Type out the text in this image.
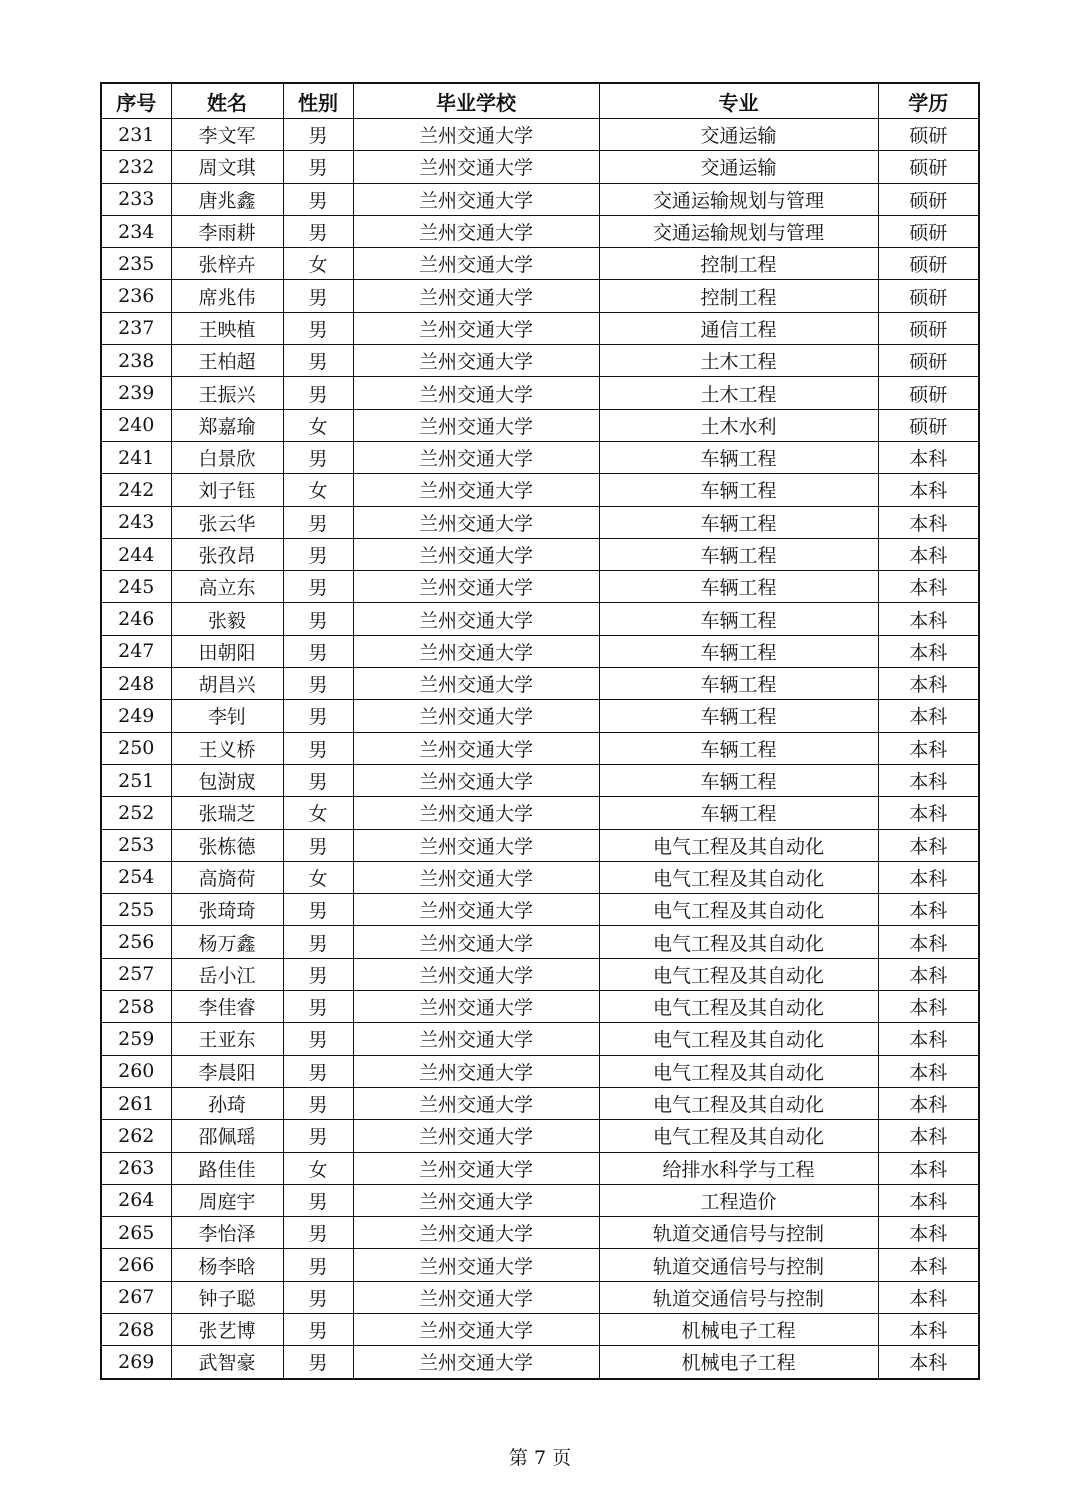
序号	姓名	性别	毕业学校	专业	学历
231	李文军	男	兰州交通大学	交通运输	硕研
232	周文琪	男	兰州交通大学	交通运输	硕研
233	唐兆鑫	男	兰州交通大学	交通运输规划与管理	硕研
234	李雨耕	男	兰州交通大学	交通运输规划与管理	硕研
235	张梓卉	女	兰州交通大学	控制工程	硕研
236	席兆伟	男	兰州交通大学	控制工程	硕研
237	王映植	男	兰州交通大学	通信工程	硕研
238	王柏超	男	兰州交通大学	土木工程	硕研
239	王振兴	男	兰州交通大学	土木工程	硕研
240	郑嘉瑜	女	兰州交通大学	土木水利	硕研
241	白景欣	男	兰州交通大学	车辆工程	本科
242	刘子钰	女	兰州交通大学	车辆工程	本科
243	张云华	男	兰州交通大学	车辆工程	本科
244	张孜昂	男	兰州交通大学	车辆工程	本科
245	高立东	男	兰州交通大学	车辆工程	本科
246	张毅	男	兰州交通大学	车辆工程	本科
247	田朝阳	男	兰州交通大学	车辆工程	本科
248	胡昌兴	男	兰州交通大学	车辆工程	本科
249	李钊	男	兰州交通大学	车辆工程	本科
250	王义桥	男	兰州交通大学	车辆工程	本科
251	包澍宬	男	兰州交通大学	车辆工程	本科
252	张瑞芝	女	兰州交通大学	车辆工程	本科
253	张栋德	男	兰州交通大学	电气工程及其自动化	本科
254	高旖荷	女	兰州交通大学	电气工程及其自动化	本科
255	张琦琦	男	兰州交通大学	电气工程及其自动化	本科
256	杨万鑫	男	兰州交通大学	电气工程及其自动化	本科
257	岳小江	男	兰州交通大学	电气工程及其自动化	本科
258	李佳睿	男	兰州交通大学	电气工程及其自动化	本科
259	王亚东	男	兰州交通大学	电气工程及其自动化	本科
260	李晨阳	男	兰州交通大学	电气工程及其自动化	本科
261	孙琦	男	兰州交通大学	电气工程及其自动化	本科
262	邵佩瑶	男	兰州交通大学	电气工程及其自动化	本科
263	路佳佳	女	兰州交通大学	给排水科学与工程	本科
264	周庭宇	男	兰州交通大学	工程造价	本科
265	李怡泽	男	兰州交通大学	轨道交通信号与控制	本科
266	杨李晗	男	兰州交通大学	轨道交通信号与控制	本科
267	钟子聪	男	兰州交通大学	轨道交通信号与控制	本科
268	张艺博	男	兰州交通大学	机械电子工程	本科
269	武智豪	男	兰州交通大学	机械电子工程	本科
第 7 页
